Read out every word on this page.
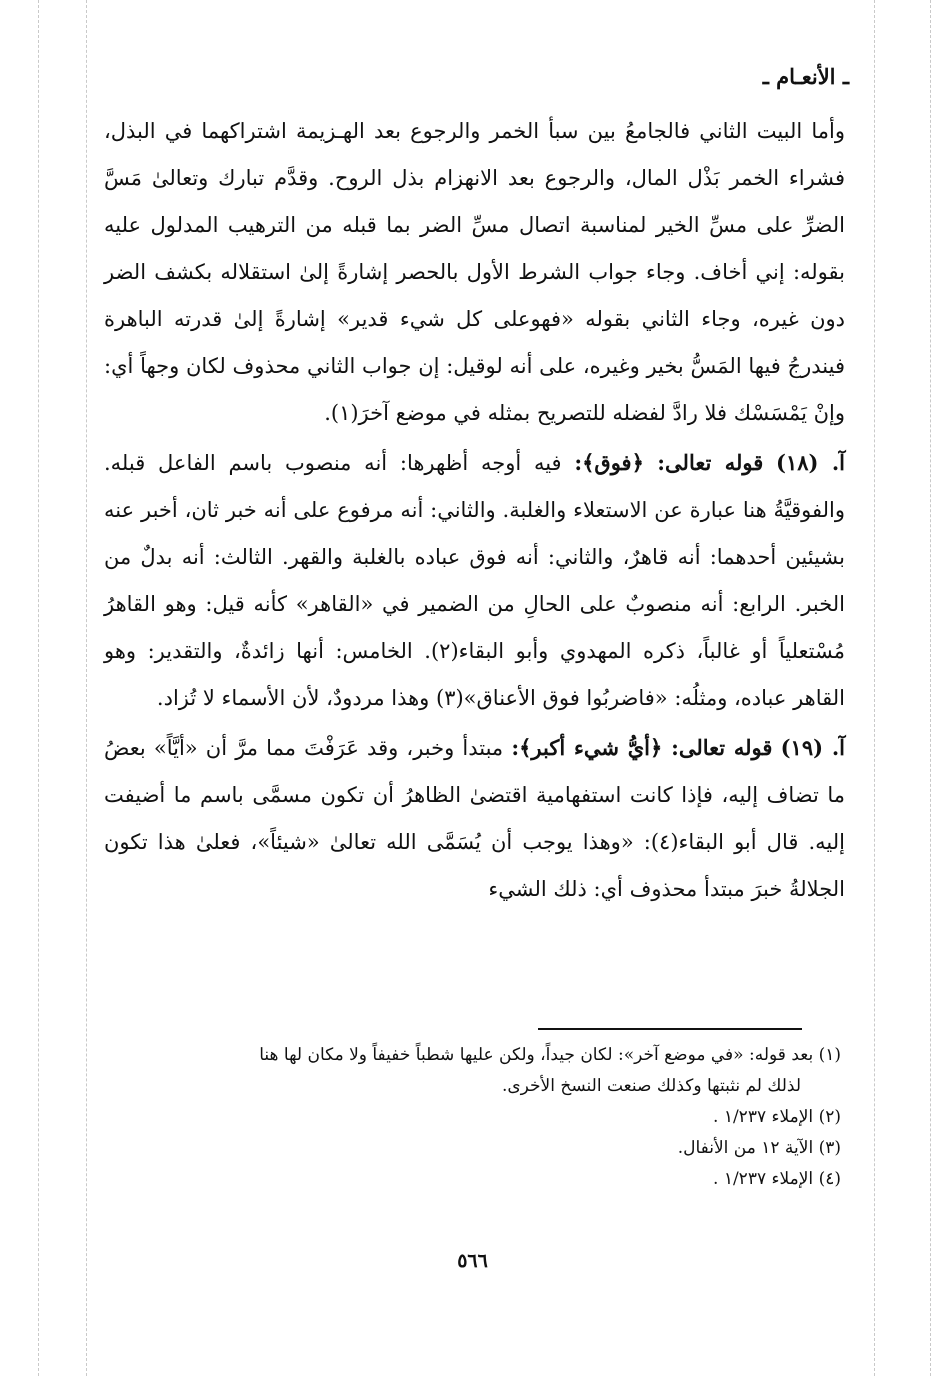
ـ الأنعـام ـ

وأما البيت الثاني فالجامعُ بين سبأ الخمر والرجوع بعد الهـزيمة اشتراكهما في البذل، فشراء الخمر بَذْل المال، والرجوع بعد الانهزام بذل الروح. وقدَّم تبارك وتعالىٰ مَسَّ الضرِّ على مسِّ الخير لمناسبة اتصال مسِّ الضر بما قبله من الترهيب المدلول عليه بقوله: إني أخاف. وجاء جواب الشرط الأول بالحصر إشارةً إلىٰ استقلاله بكشف الضر دون غيره، وجاء الثاني بقوله «فهوعلى كل شيء قدير» إشارةً إلىٰ قدرته الباهرة فيندرجُ فيها المَسُّ بخير وغيره، على أنه لوقيل: إن جواب الثاني محذوف لكان وجهاً أي: وإنْ يَمْسَسْك فلا رادَّ لفضله للتصريح بمثله في موضع آخرَ(١).

آ. (١٨) قوله تعالى: ﴿فوق﴾: فيه أوجه أظهرها: أنه منصوب باسم الفاعل قبله. والفوقيَّةُ هنا عبارة عن الاستعلاء والغلبة. والثاني: أنه مرفوع على أنه خبر ثان، أخبر عنه بشيئين أحدهما: أنه قاهرٌ، والثاني: أنه فوق عباده بالغلبة والقهر. الثالث: أنه بدلٌ من الخبر. الرابع: أنه منصوبٌ على الحالِ من الضمير في «القاهر» كأنه قيل: وهو القاهرُ مُسْتعلياً أو غالباً، ذكره المهدوي وأبو البقاء(٢). الخامس: أنها زائدةٌ، والتقدير: وهو القاهر عباده، ومثلُه: «فاضربُوا فوق الأعناق»(٣) وهذا مردودٌ، لأن الأسماء لا تُزاد.

آ. (١٩) قوله تعالى: ﴿أيُّ شيء أكبر﴾: مبتدأ وخبر، وقد عَرَفْتَ مما مرَّ أن «أيَّاً» بعضُ ما تضاف إليه، فإذا كانت استفهامية اقتضىٰ الظاهرُ أن تكون مسمَّى باسم ما أضيفت إليه. قال أبو البقاء(٤): «وهذا يوجب أن يُسَمَّى الله تعالىٰ «شيئاً»، فعلىٰ هذا تكون الجلالةُ خبرَ مبتدأ محذوف أي: ذلك الشيء

(١) بعد قوله: «في موضع آخر»: لكان جيداً، ولكن عليها شطباً خفيفاً ولا مكان لها هنا
لذلك لم نثبتها وكذلك صنعت النسخ الأخرى.

(٢) الإملاء ١/٢٣٧ .

(٣) الآية ١٢ من الأنفال.

(٤) الإملاء ١/٢٣٧ .

٥٦٦
